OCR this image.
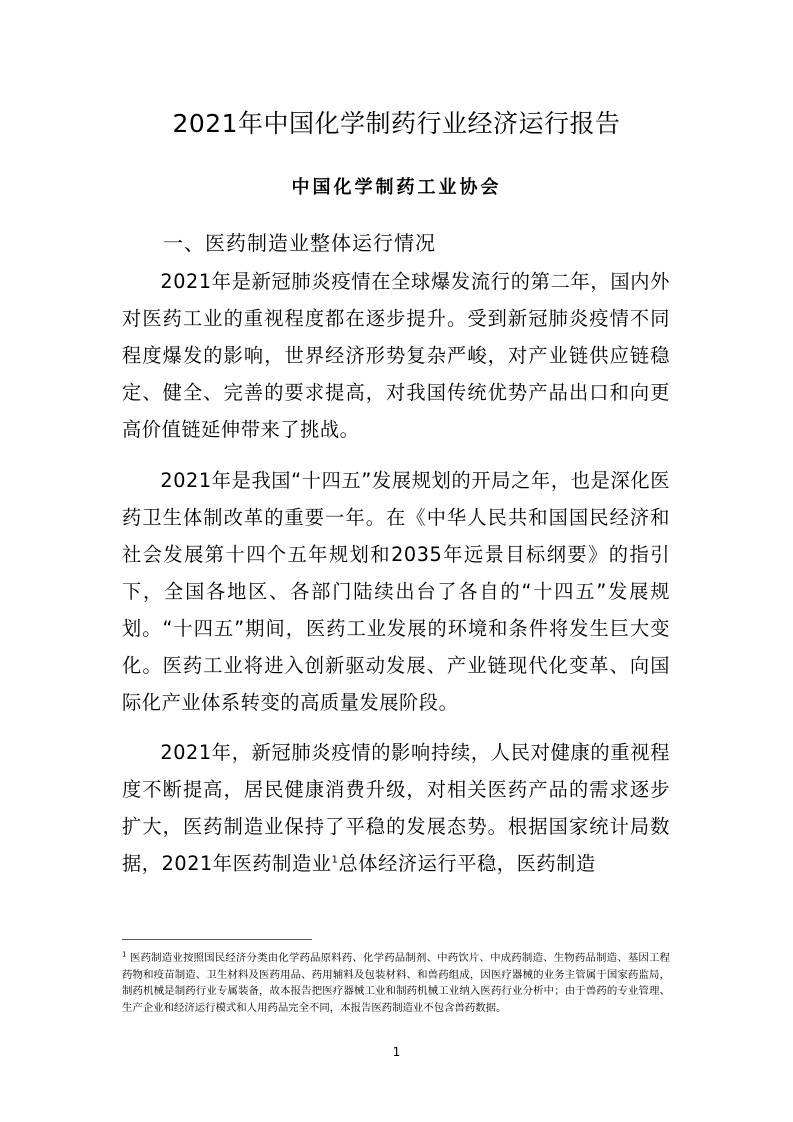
2021年中国化学制药行业经济运行报告
中国化学制药工业协会
一、医药制造业整体运行情况

2021年是新冠肺炎疫情在全球爆发流行的第二年，国内外对医药工业的重视程度都在逐步提升。受到新冠肺炎疫情不同程度爆发的影响，世界经济形势复杂严峻，对产业链供应链稳定、健全、完善的要求提高，对我国传统优势产品出口和向更高价值链延伸带来了挑战。

2021年是我国“十四五”发展规划的开局之年，也是深化医药卫生体制改革的重要一年。在《中华人民共和国国民经济和社会发展第十四个五年规划和2035年远景目标纲要》的指引下，全国各地区、各部门陆续出台了各自的“十四五”发展规划。“十四五”期间，医药工业发展的环境和条件将发生巨大变化。医药工业将进入创新驱动发展、产业链现代化变革、向国际化产业体系转变的高质量发展阶段。

2021年，新冠肺炎疫情的影响持续，人民对健康的重视程度不断提高，居民健康消费升级，对相关医药产品的需求逐步扩大，医药制造业保持了平稳的发展态势。根据国家统计局数据，2021年医药制造业$^1$总体经济运行平稳，医药制造

$^1$ 医药制造业按照国民经济分类由化学药品原料药、化学药品制剂、中药饮片、中成药制造、生物药品制造、基因工程药物和疫苗制造、卫生材料及医药用品、药用辅料及包装材料、和兽药组成，因医疗器械的业务主管属于国家药监局，制药机械是制药行业专属装备，故本报告把医疗器械工业和制药机械工业纳入医药行业分析中；由于兽药的专业管理、生产企业和经济运行模式和人用药品完全不同，本报告医药制造业不包含兽药数据。

1
